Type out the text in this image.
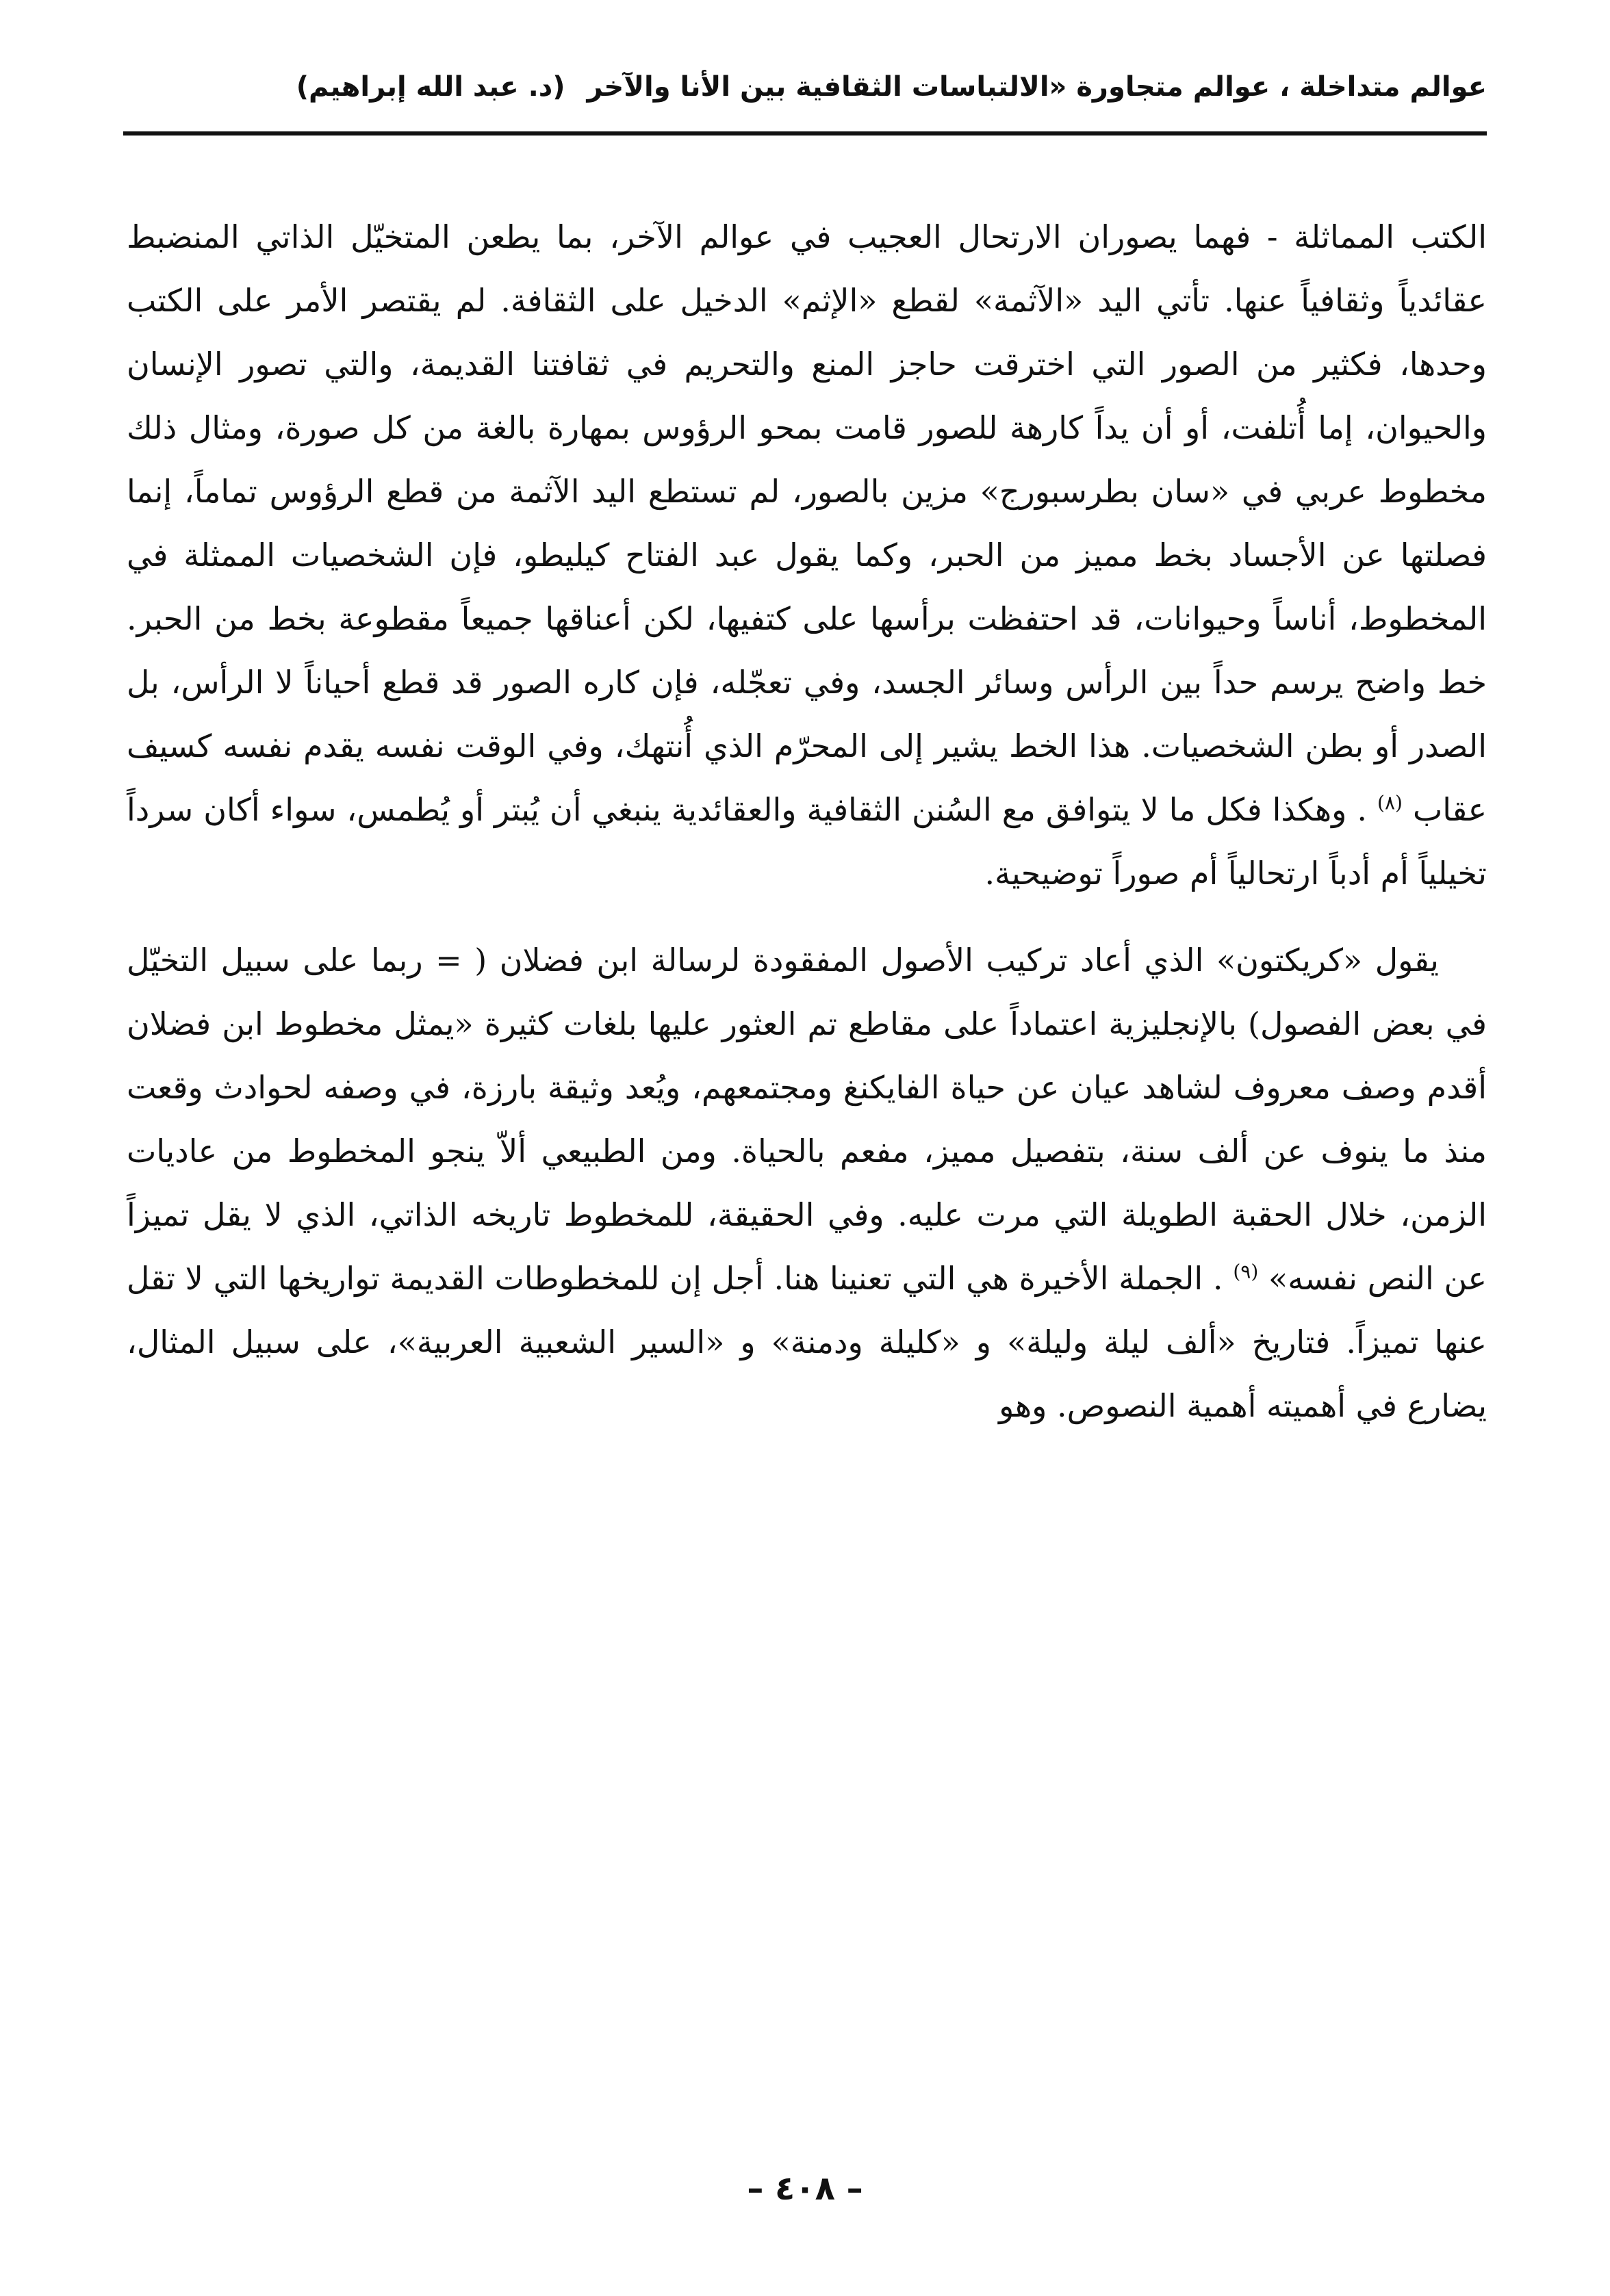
عوالم متداخلة ، عوالم متجاورة «الالتباسات الثقافية بين الأنا والآخر (د. عبد الله إبراهيم)

الكتب المماثلة - فهما يصوران الارتحال العجيب في عوالم الآخر، بما يطعن المتخيّل الذاتي المنضبط عقائدياً وثقافياً عنها. تأتي اليد «الآثمة» لقطع «الإثم» الدخيل على الثقافة. لم يقتصر الأمر على الكتب وحدها، فكثير من الصور التي اخترقت حاجز المنع والتحريم في ثقافتنا القديمة، والتي تصور الإنسان والحيوان، إما أُتلفت، أو أن يداً كارهة للصور قامت بمحو الرؤوس بمهارة بالغة من كل صورة، ومثال ذلك مخطوط عربي في «سان بطرسبورج» مزين بالصور، لم تستطع اليد الآثمة من قطع الرؤوس تماماً، إنما فصلتها عن الأجساد بخط مميز من الحبر، وكما يقول عبد الفتاح كيليطو، فإن الشخصيات الممثلة في المخطوط، أناساً وحيوانات، قد احتفظت برأسها على كتفيها، لكن أعناقها جميعاً مقطوعة بخط من الحبر. خط واضح يرسم حداً بين الرأس وسائر الجسد، وفي تعجّله، فإن كاره الصور قد قطع أحياناً لا الرأس، بل الصدر أو بطن الشخصيات. هذا الخط يشير إلى المحرّم الذي أُنتهك، وفي الوقت نفسه يقدم نفسه كسيف عقاب $^{(٨)}$ . وهكذا فكل ما لا يتوافق مع السُنن الثقافية والعقائدية ينبغي أن يُبتر أو يُطمس، سواء أكان سرداً تخيلياً أم أدباً ارتحالياً أم صوراً توضيحية.

يقول «كريكتون» الذي أعاد تركيب الأصول المفقودة لرسالة ابن فضلان ( = ربما على سبيل التخيّل في بعض الفصول) بالإنجليزية اعتماداً على مقاطع تم العثور عليها بلغات كثيرة «يمثل مخطوط ابن فضلان أقدم وصف معروف لشاهد عيان عن حياة الفايكنغ ومجتمعهم، ويُعد وثيقة بارزة، في وصفه لحوادث وقعت منذ ما ينوف عن ألف سنة، بتفصيل مميز، مفعم بالحياة. ومن الطبيعي ألاّ ينجو المخطوط من عاديات الزمن، خلال الحقبة الطويلة التي مرت عليه. وفي الحقيقة، للمخطوط تاريخه الذاتي، الذي لا يقل تميزاً عن النص نفسه» $^{(٩)}$ . الجملة الأخيرة هي التي تعنينا هنا. أجل إن للمخطوطات القديمة تواريخها التي لا تقل عنها تميزاً. فتاريخ «ألف ليلة وليلة» و «كليلة ودمنة» و «السير الشعبية العربية»، على سبيل المثال، يضارع في أهميته أهمية النصوص. وهو

– ٤٠٨ –
